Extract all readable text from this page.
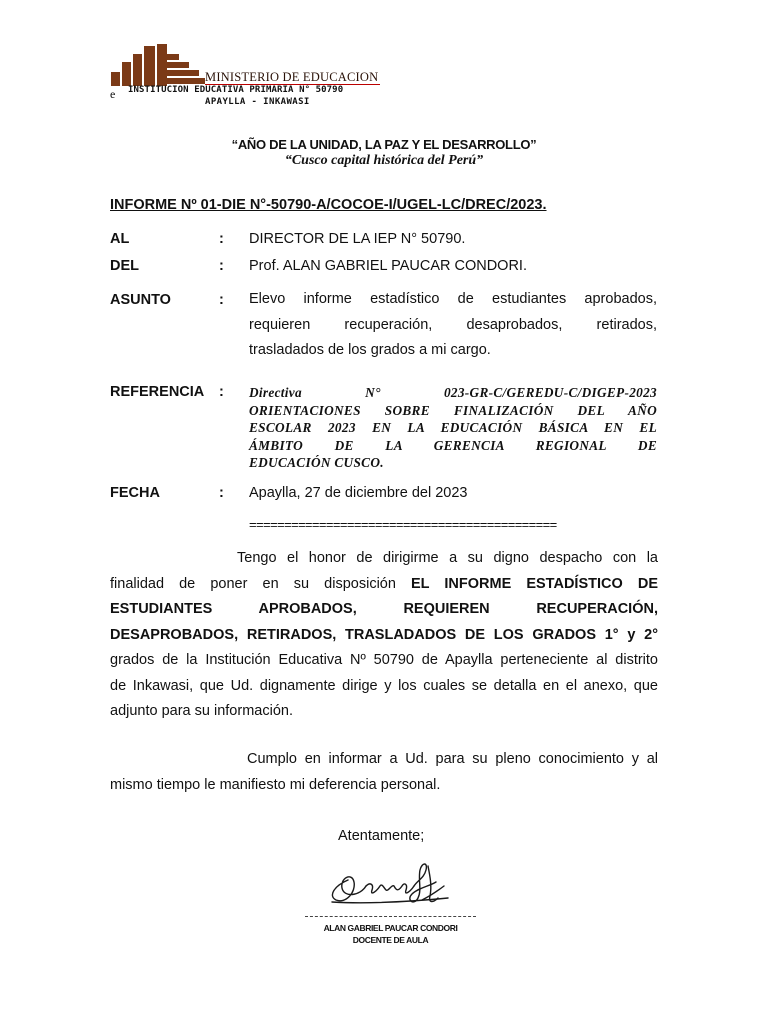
MINISTERIO DE EDUCACION
e INSTITUCION EDUCATIVA PRIMARIA N° 50790
APAYLLA - INKAWASI
“AÑO DE LA UNIDAD, LA PAZ Y EL DESARROLLO”
“Cusco capital histórica del Perú”
INFORME Nº 01-DIE N°-50790-A/COCOE-I/UGEL-LC/DREC/2023.
AL	: DIRECTOR DE LA IEP N° 50790.
DEL	: Prof. ALAN GABRIEL PAUCAR CONDORI.
ASUNTO	: Elevo informe estadístico de estudiantes aprobados,
requieren recuperación, desaprobados, retirados,
trasladados de los grados a mi cargo.
REFERENCIA : Directiva N° 023-GR-C/GEREDU-C/DIGEP-2023
ORIENTACIONES SOBRE FINALIZACIÓN DEL AÑO
ESCOLAR 2023 EN LA EDUCACIÓN BÁSICA EN EL
ÁMBITO DE LA GERENCIA REGIONAL DE
EDUCACIÓN CUSCO.
FECHA	: Apaylla, 27 de diciembre del 2023
============================================
Tengo el honor de dirigirme a su digno despacho con la
finalidad de poner en su disposición EL INFORME ESTADÍSTICO DE
ESTUDIANTES APROBADOS, REQUIEREN RECUPERACIÓN,
DESAPROBADOS, RETIRADOS, TRASLADADOS DE LOS GRADOS 1° y 2°
grados de la Institución Educativa Nº 50790 de Apaylla perteneciente al distrito
de Inkawasi, que Ud. dignamente dirige y los cuales se detalla en el anexo, que
adjunto para su información.
Cumplo en informar a Ud. para su pleno conocimiento y al
mismo tiempo le manifiesto mi deferencia personal.
Atentamente;
ALAN GABRIEL PAUCAR CONDORI
DOCENTE DE AULA
